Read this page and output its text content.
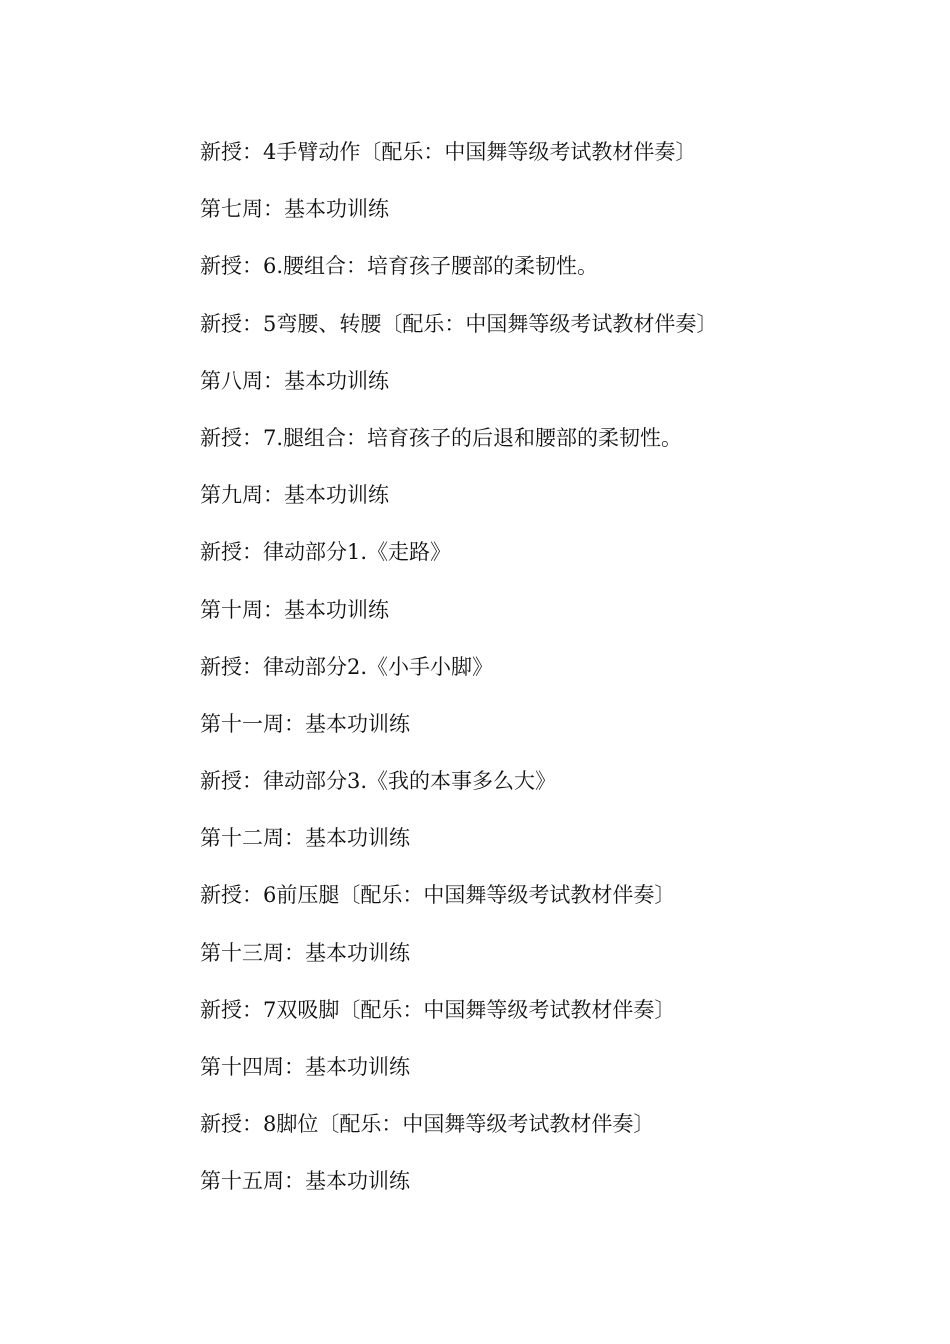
新授：4手臂动作〔配乐：中国舞等级考试教材伴奏〕
第七周：基本功训练
新授：6.腰组合：培育孩子腰部的柔韧性。
新授：5弯腰、转腰〔配乐：中国舞等级考试教材伴奏〕
第八周：基本功训练
新授：7.腿组合：培育孩子的后退和腰部的柔韧性。
第九周：基本功训练
新授：律动部分1.《走路》
第十周：基本功训练
新授：律动部分2.《小手小脚》
第十一周：基本功训练
新授：律动部分3.《我的本事多么大》
第十二周：基本功训练
新授：6前压腿〔配乐：中国舞等级考试教材伴奏〕
第十三周：基本功训练
新授：7双吸脚〔配乐：中国舞等级考试教材伴奏〕
第十四周：基本功训练
新授：8脚位〔配乐：中国舞等级考试教材伴奏〕
第十五周：基本功训练
